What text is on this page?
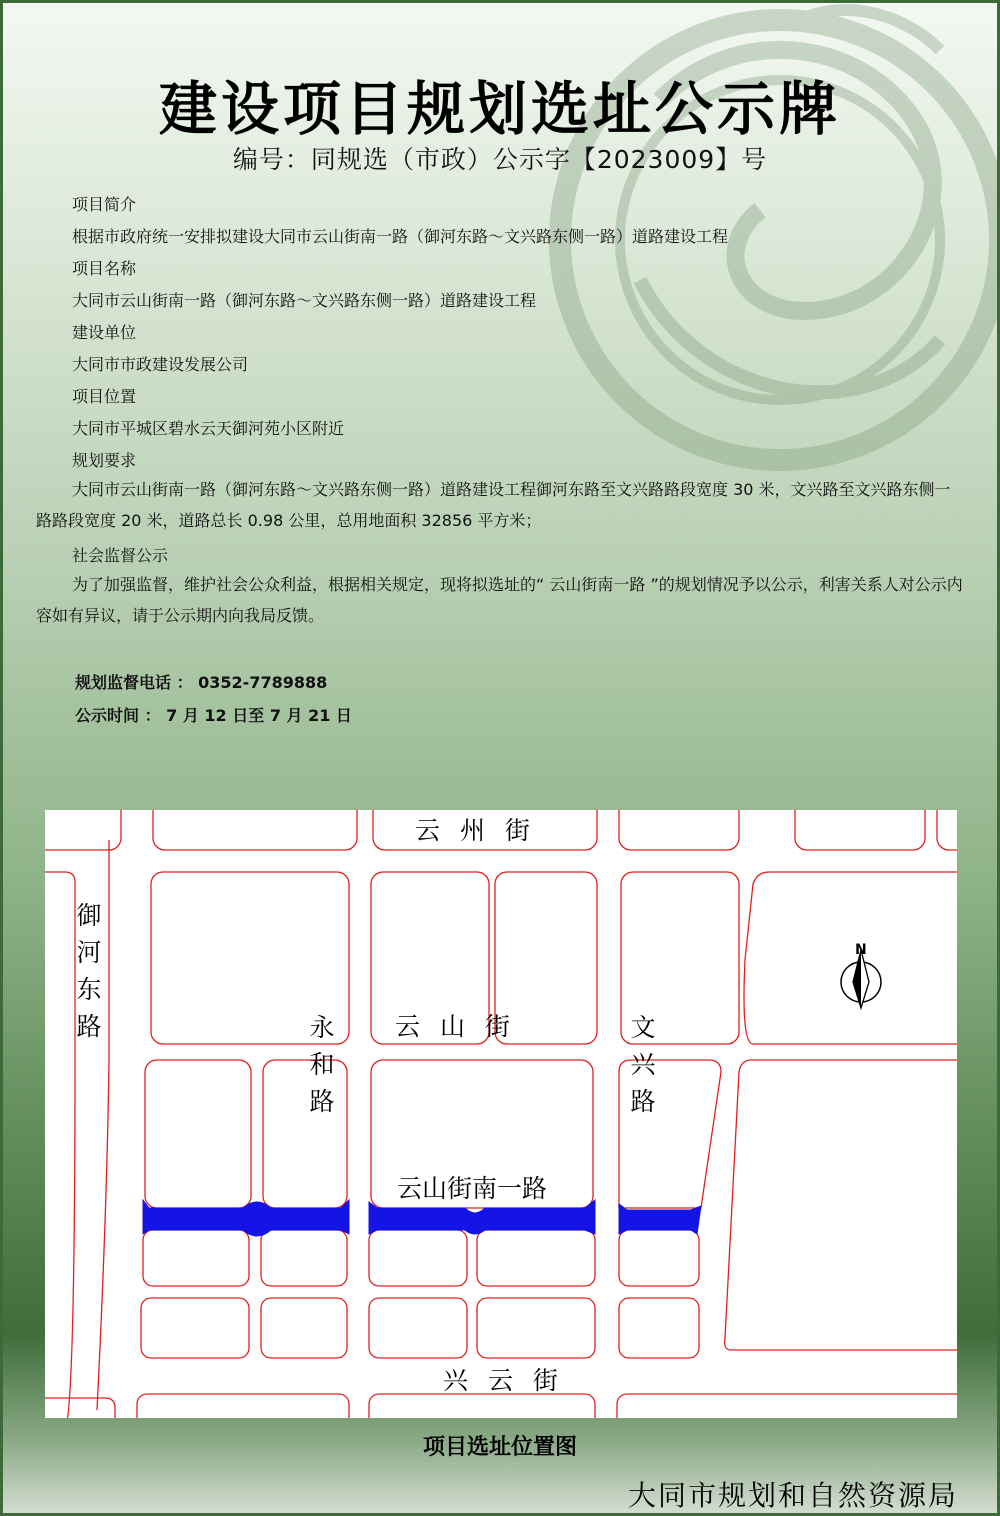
建设项目规划选址公示牌
编号：同规选（市政）公示字【2023009】号
项目简介
根据市政府统一安排拟建设大同市云山街南一路（御河东路～文兴路东侧一路）道路建设工程
项目名称
大同市云山街南一路（御河东路～文兴路东侧一路）道路建设工程
建设单位
大同市市政建设发展公司
项目位置
大同市平城区碧水云天御河苑小区附近
规划要求
大同市云山街南一路（御河东路～文兴路东侧一路）道路建设工程御河东路至文兴路路段宽度 30 米，文兴路至文兴路东侧一路路段宽度 20 米，道路总长 0.98 公里，总用地面积 32856 平方米；
社会监督公示
为了加强监督，维护社会公众利益，根据相关规定，现将拟选址的“ 云山街南一路 ”的规划情况予以公示，利害关系人对公示内容如有异议，请于公示期内向我局反馈。
规划监督电话 ： 0352-7789888
公示时间 ： 7 月 12 日至 7 月 21 日
N
云 州 街
御河东路
永和路 云 山 街	文兴路
云山街南一路
兴 云 街
项目选址位置图
大同市规划和自然资源局
